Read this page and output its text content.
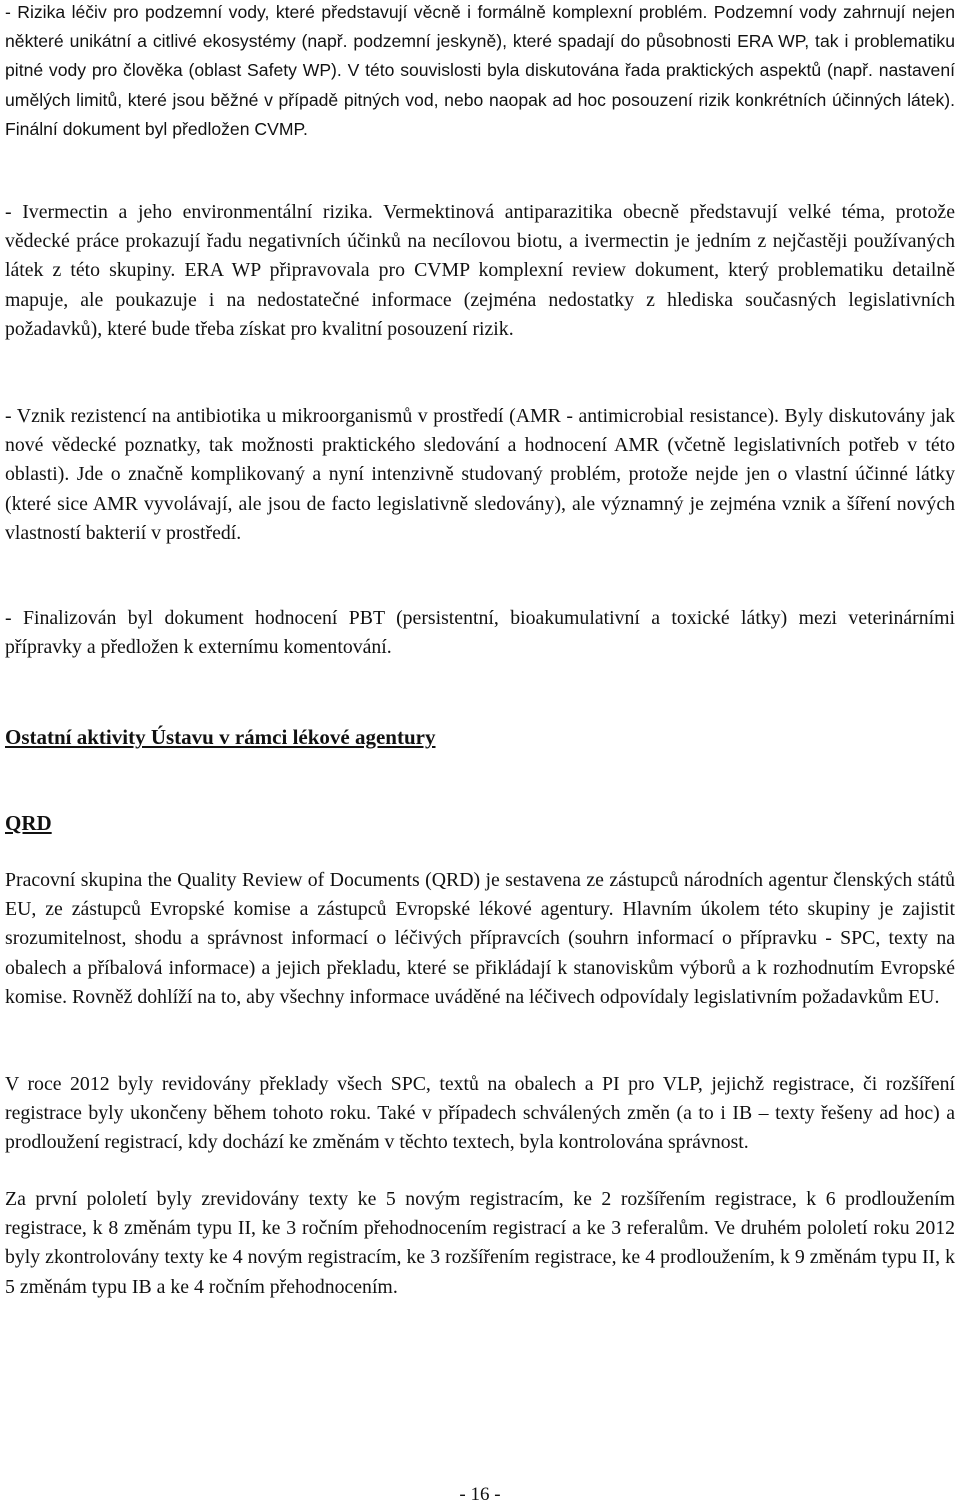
- Rizika léčiv pro podzemní vody, které představují věcně i formálně komplexní problém. Podzemní vody zahrnují nejen některé unikátní a citlivé ekosystémy (např. podzemní jeskyně), které spadají do působnosti ERA WP, tak i problematiku pitné vody pro člověka (oblast Safety WP). V této souvislosti byla diskutována řada praktických aspektů (např. nastavení umělých limitů, které jsou běžné v případě pitných vod, nebo naopak ad hoc posouzení rizik konkrétních účinných látek). Finální dokument byl předložen CVMP.

- Ivermectin a jeho environmentální rizika. Vermektinová antiparazitika obecně představují velké téma, protože vědecké práce prokazují řadu negativních účinků na necílovou biotu, a ivermectin je jedním z nejčastěji používaných látek z této skupiny. ERA WP připravovala pro CVMP komplexní review dokument, který problematiku detailně mapuje, ale poukazuje i na nedostatečné informace (zejména nedostatky z hlediska současných legislativních požadavků), které bude třeba získat pro kvalitní posouzení rizik.

- Vznik rezistencí na antibiotika u mikroorganismů v prostředí (AMR - antimicrobial resistance). Byly diskutovány jak nové vědecké poznatky, tak možnosti praktického sledování a hodnocení AMR (včetně legislativních potřeb v této oblasti). Jde o značně komplikovaný a nyní intenzivně studovaný problém, protože nejde jen o vlastní účinné látky (které sice AMR vyvolávají, ale jsou de facto legislativně sledovány), ale významný je zejména vznik a šíření nových vlastností bakterií v prostředí.

- Finalizován byl dokument hodnocení PBT (persistentní, bioakumulativní a toxické látky) mezi veterinárními přípravky a předložen k externímu komentování.

Ostatní aktivity Ústavu v rámci lékové agentury
QRD

Pracovní skupina the Quality Review of Documents (QRD) je sestavena ze zástupců národních agentur členských států EU, ze zástupců Evropské komise a zástupců Evropské lékové agentury. Hlavním úkolem této skupiny je zajistit srozumitelnost, shodu a správnost informací o léčivých přípravcích (souhrn informací o přípravku - SPC, texty na obalech a příbalová informace) a jejich překladu, které se přikládají k stanoviskům výborů a k rozhodnutím Evropské komise. Rovněž dohlíží na to, aby všechny informace uváděné na léčivech odpovídaly legislativním požadavkům EU.

V roce 2012 byly revidovány překlady všech SPC, textů na obalech a PI pro VLP, jejichž registrace, či rozšíření registrace byly ukončeny během tohoto roku. Také v případech schválených změn (a to i IB – texty řešeny ad hoc) a prodloužení registrací, kdy dochází ke změnám v těchto textech, byla kontrolována správnost.

Za první pololetí byly zrevidovány texty ke 5 novým registracím, ke 2 rozšířením registrace, k 6 prodloužením registrace, k 8 změnám typu II, ke 3 ročním přehodnocením registrací a ke 3 referalům. Ve druhém pololetí roku 2012 byly zkontrolovány texty ke 4 novým registracím, ke 3 rozšířením registrace, ke 4 prodloužením, k 9 změnám typu II, k 5 změnám typu IB a ke 4 ročním přehodnocením.

- 16 -
